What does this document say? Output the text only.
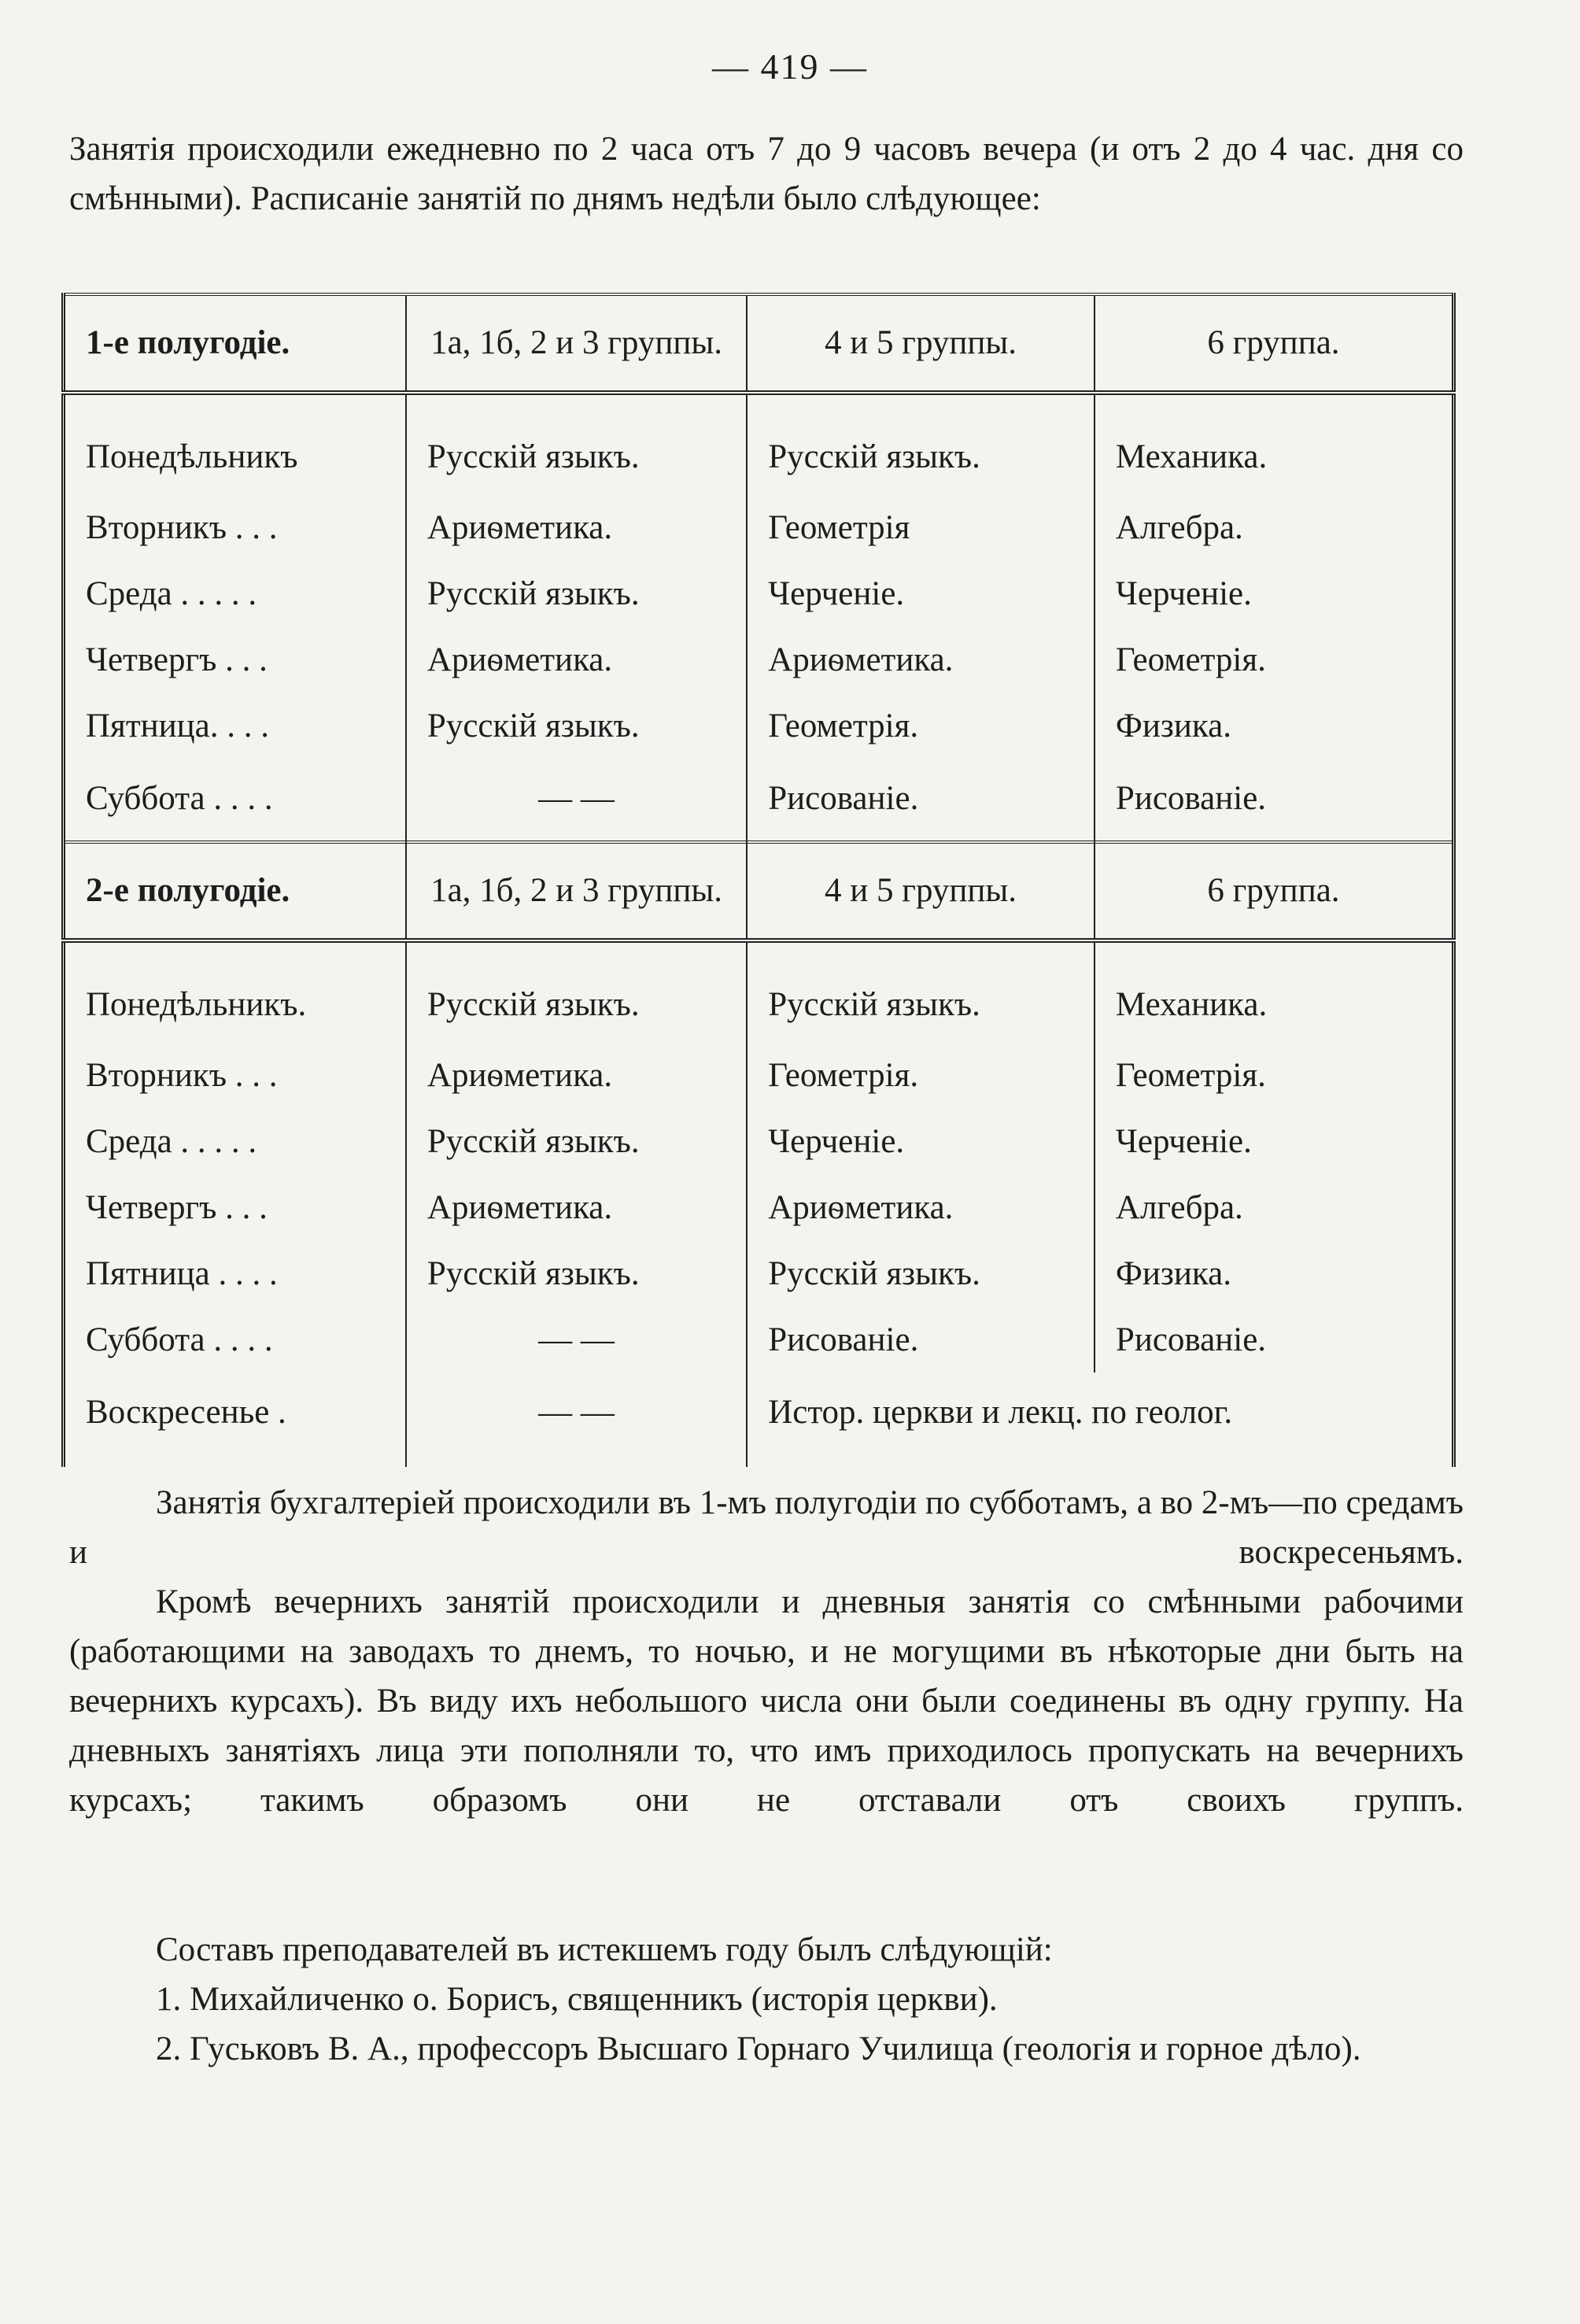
— 419 —
Занятія происходили ежедневно по 2 часа отъ 7 до 9 часовъ вечера (и отъ 2 до 4 час. дня со смѣнными). Расписаніе занятій по днямъ недѣли было слѣдующее:
1-е полугодіе.	1а, 1б, 2 и 3 группы.	4 и 5 группы.	6 группа.
Понедѣльникъ	Русскій языкъ.	Русскій языкъ.	Механика.
Вторникъ . . .	Ариѳметика.	Геометрія	Алгебра.
Среда . . . . .	Русскій языкъ.	Черченіе.	Черченіе.
Четвергъ . . .	Ариѳметика.	Ариѳметика.	Геометрія.
Пятница. . . .	Русскій языкъ.	Геометрія.	Физика.
Суббота . . . .	— —	Рисованіе.	Рисованіе.
2-е полугодіе.	1а, 1б, 2 и 3 группы.	4 и 5 группы.	6 группа.
Понедѣльникъ.	Русскій языкъ.	Русскій языкъ.	Механика.
Вторникъ . . .	Ариѳметика.	Геометрія.	Геометрія.
Среда . . . . .	Русскій языкъ.	Черченіе.	Черченіе.
Четвергъ . . .	Ариѳметика.	Ариѳметика.	Алгебра.
Пятница . . . .	Русскій языкъ.	Русскій языкъ.	Физика.
Суббота . . . .	— —	Рисованіе.	Рисованіе.
Воскресенье .	— —	Истор. церкви и лекц. по геолог.	
Занятія бухгалтеріей происходили въ 1-мъ полугодіи по субботамъ, а во 2-мъ—по средамъ и воскресеньямъ.
Кромѣ вечернихъ занятій происходили и дневныя занятія со смѣнными рабочими (работающими на заводахъ то днемъ, то ночью, и не могущими въ нѣкоторые дни быть на вечернихъ курсахъ). Въ виду ихъ небольшого числа они были соединены въ одну группу. На дневныхъ занятіяхъ лица эти пополняли то, что имъ приходилось пропускать на вечернихъ курсахъ; такимъ образомъ они не отставали отъ своихъ группъ.
Составъ преподавателей въ истекшемъ году былъ слѣдующій:
1. Михайличенко о. Борисъ, священникъ (исторія церкви).
2. Гуськовъ В. А., профессоръ Высшаго Горнаго Училища (геологія и горное дѣло).
